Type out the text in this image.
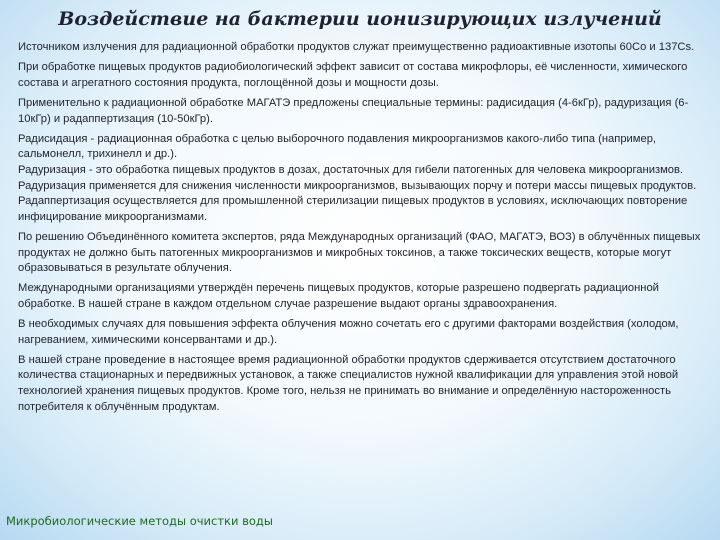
Воздействие на бактерии ионизирующих излучений

Источником излучения для радиационной обработки продуктов служат преимущественно радиоактивные изотопы 60Со и 137Cs.

При обработке пищевых продуктов радиобиологический эффект зависит от состава микрофлоры, её численности, химического состава и агрегатного состояния продукта, поглощённой дозы и мощности дозы.

Применительно к радиационной обработке МАГАТЭ предложены специальные термины: радисидация (4-6кГр), радуризация (6-10кГр) и радаппертизация (10-50кГр).

Радисидация - радиационная обработка с целью выборочного подавления микроорганизмов какого-либо типа (например, сальмонелл, трихинелл и др.).

Радуризация - это обработка пищевых продуктов в дозах, достаточных для гибели патогенных для человека микроорганизмов. Радуризация применяется для снижения численности микроорганизмов, вызывающих порчу и потери массы пищевых продуктов. Радаппертизация осуществляется для промышленной стерилизации пищевых продуктов в условиях, исключающих повторение инфицирование микроорганизмами.

По решению Объединённого комитета экспертов, ряда Международных организаций (ФАО, МАГАТЭ, ВОЗ) в облучённых пищевых продуктах не должно быть патогенных микроорганизмов и микробных токсинов, а также токсических веществ, которые могут образовываться в результате облучения.

Международными организациями утверждён перечень пищевых продуктов, которые разрешено подвергать радиационной обработке. В нашей стране в каждом отдельном случае разрешение выдают органы здравоохранения.

В необходимых случаях для повышения эффекта облучения можно сочетать его с другими факторами воздействия (холодом, нагреванием, химическими консервантами и др.).

В нашей стране проведение в настоящее время радиационной обработки продуктов сдерживается отсутствием достаточного количества стационарных и передвижных установок, а также специалистов нужной квалификации для управления этой новой технологией хранения пищевых продуктов. Кроме того, нельзя не принимать во внимание и определённую настороженность потребителя к облучённым продуктам.

Микробиологические методы очистки воды
